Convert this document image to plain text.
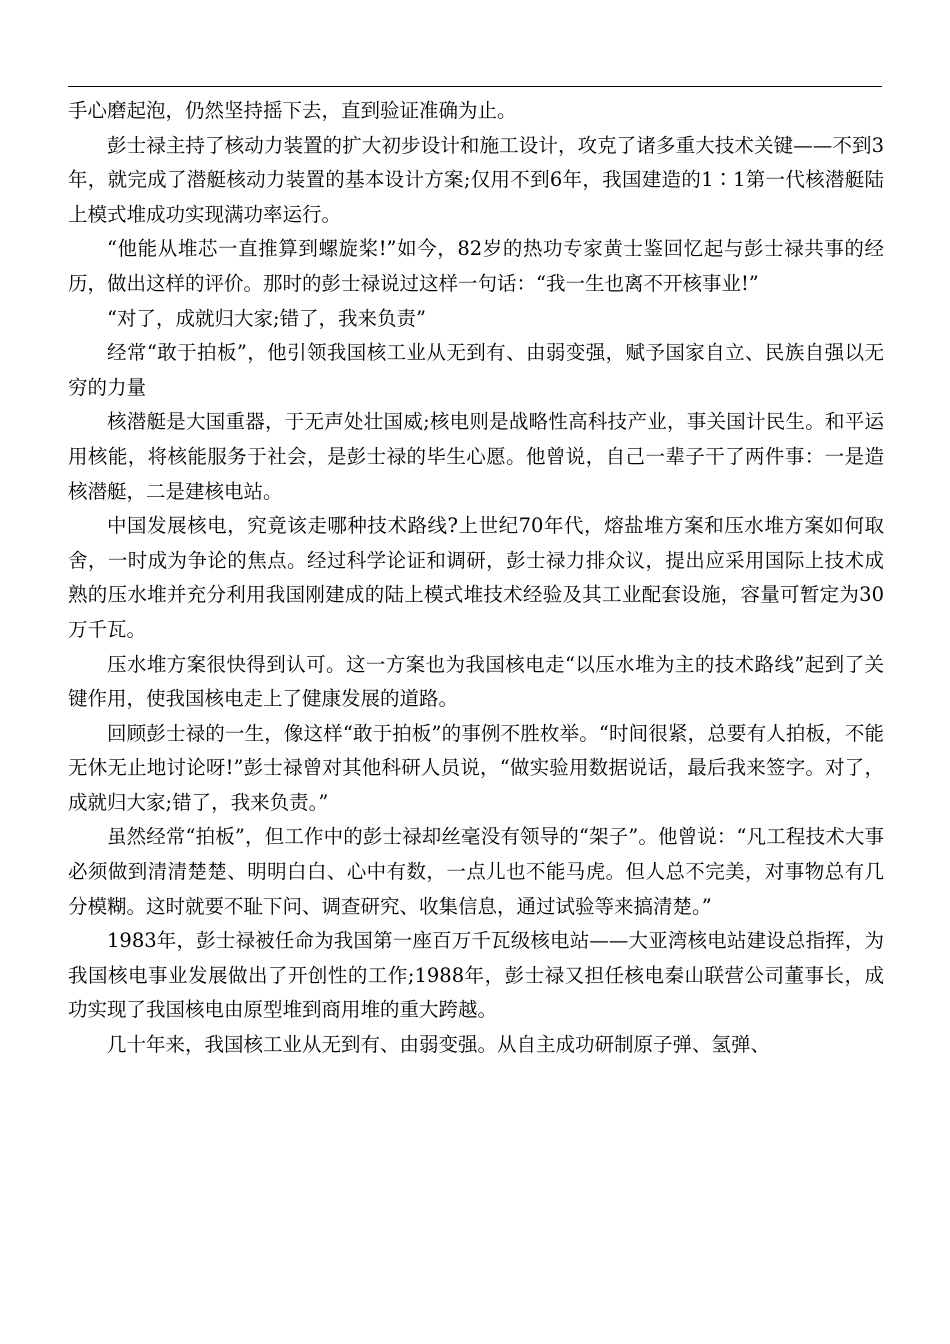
手心磨起泡，仍然坚持摇下去，直到验证准确为止。

彭士禄主持了核动力装置的扩大初步设计和施工设计，攻克了诸多重大技术关键——不到3年，就完成了潜艇核动力装置的基本设计方案;仅用不到6年，我国建造的1∶1第一代核潜艇陆上模式堆成功实现满功率运行。

“他能从堆芯一直推算到螺旋桨!”如今，82岁的热功专家黄士鉴回忆起与彭士禄共事的经历，做出这样的评价。那时的彭士禄说过这样一句话：“我一生也离不开核事业!”

“对了，成就归大家;错了，我来负责”

经常“敢于拍板”，他引领我国核工业从无到有、由弱变强，赋予国家自立、民族自强以无穷的力量

核潜艇是大国重器，于无声处壮国威;核电则是战略性高科技产业，事关国计民生。和平运用核能，将核能服务于社会，是彭士禄的毕生心愿。他曾说，自己一辈子干了两件事：一是造核潜艇，二是建核电站。

中国发展核电，究竟该走哪种技术路线?上世纪70年代，熔盐堆方案和压水堆方案如何取舍，一时成为争论的焦点。经过科学论证和调研，彭士禄力排众议，提出应采用国际上技术成熟的压水堆并充分利用我国刚建成的陆上模式堆技术经验及其工业配套设施，容量可暂定为30万千瓦。

压水堆方案很快得到认可。这一方案也为我国核电走“以压水堆为主的技术路线”起到了关键作用，使我国核电走上了健康发展的道路。

回顾彭士禄的一生，像这样“敢于拍板”的事例不胜枚举。“时间很紧，总要有人拍板，不能无休无止地讨论呀!”彭士禄曾对其他科研人员说，“做实验用数据说话，最后我来签字。对了，成就归大家;错了，我来负责。”

虽然经常“拍板”，但工作中的彭士禄却丝毫没有领导的“架子”。他曾说：“凡工程技术大事必须做到清清楚楚、明明白白、心中有数，一点儿也不能马虎。但人总不完美，对事物总有几分模糊。这时就要不耻下问、调查研究、收集信息，通过试验等来搞清楚。”

1983年，彭士禄被任命为我国第一座百万千瓦级核电站——大亚湾核电站建设总指挥，为我国核电事业发展做出了开创性的工作;1988年，彭士禄又担任核电秦山联营公司董事长，成功实现了我国核电由原型堆到商用堆的重大跨越。

几十年来，我国核工业从无到有、由弱变强。从自主成功研制原子弹、氢弹、
